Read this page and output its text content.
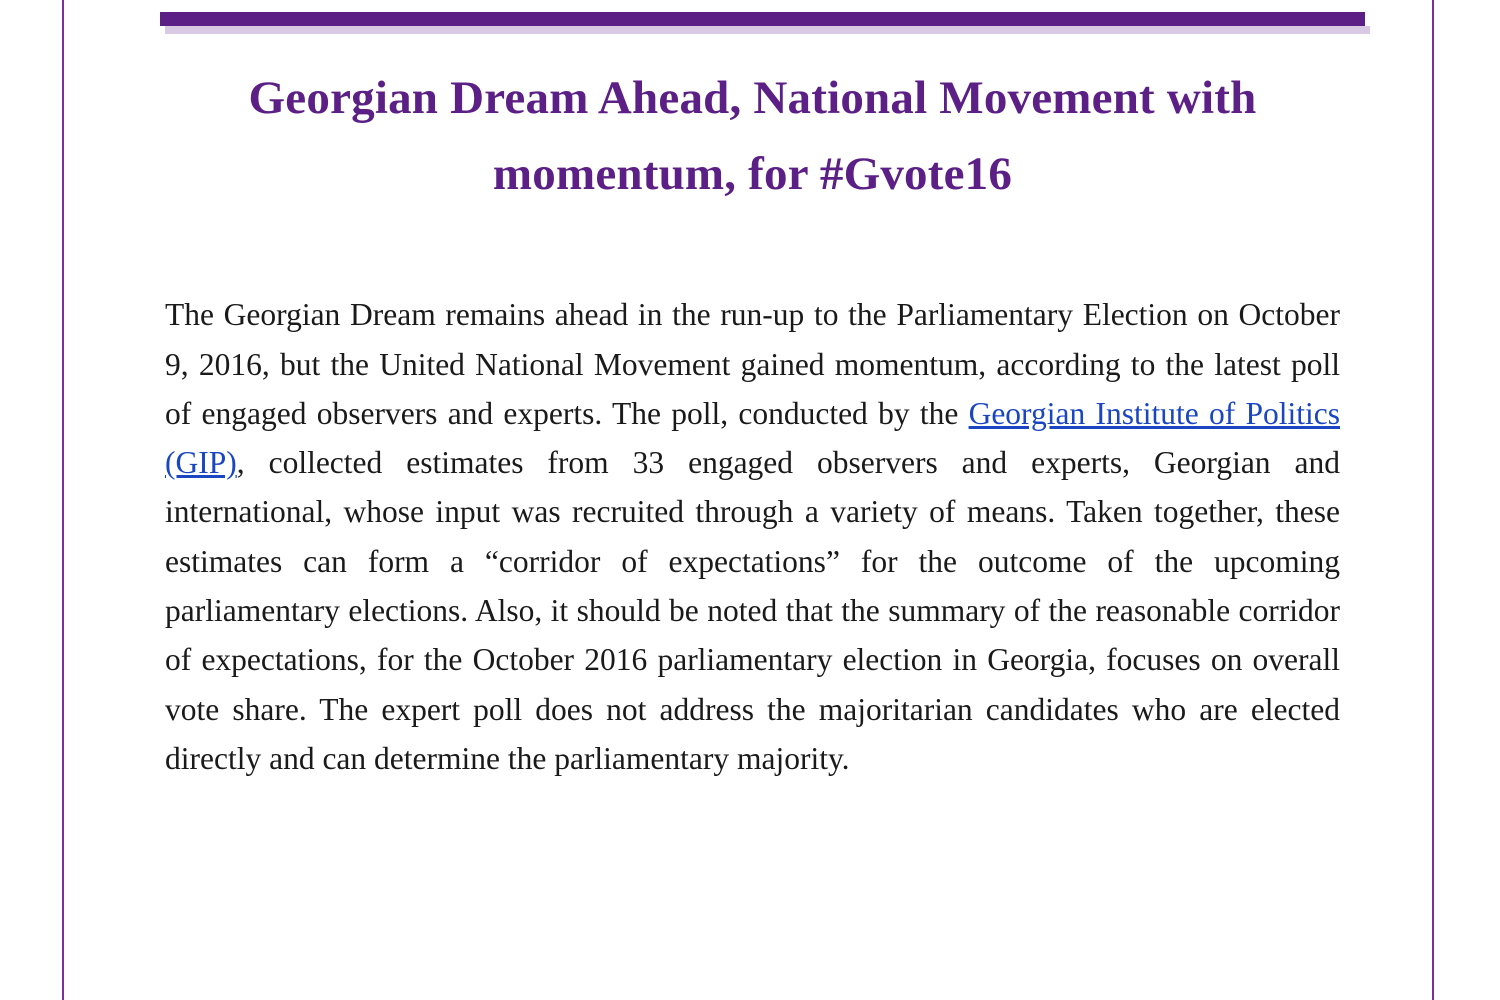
Georgian Dream Ahead, National Movement with momentum, for #Gvote16

The Georgian Dream remains ahead in the run-up to the Parliamentary Election on October 9, 2016, but the United National Movement gained momentum, according to the latest poll of engaged observers and experts. The poll, conducted by the Georgian Institute of Politics (GIP), collected estimates from 33 engaged observers and experts, Georgian and international, whose input was recruited through a variety of means. Taken together, these estimates can form a “corridor of expectations” for the outcome of the upcoming parliamentary elections. Also, it should be noted that the summary of the reasonable corridor of expectations, for the October 2016 parliamentary election in Georgia, focuses on overall vote share. The expert poll does not address the majoritarian candidates who are elected directly and can determine the parliamentary majority.
